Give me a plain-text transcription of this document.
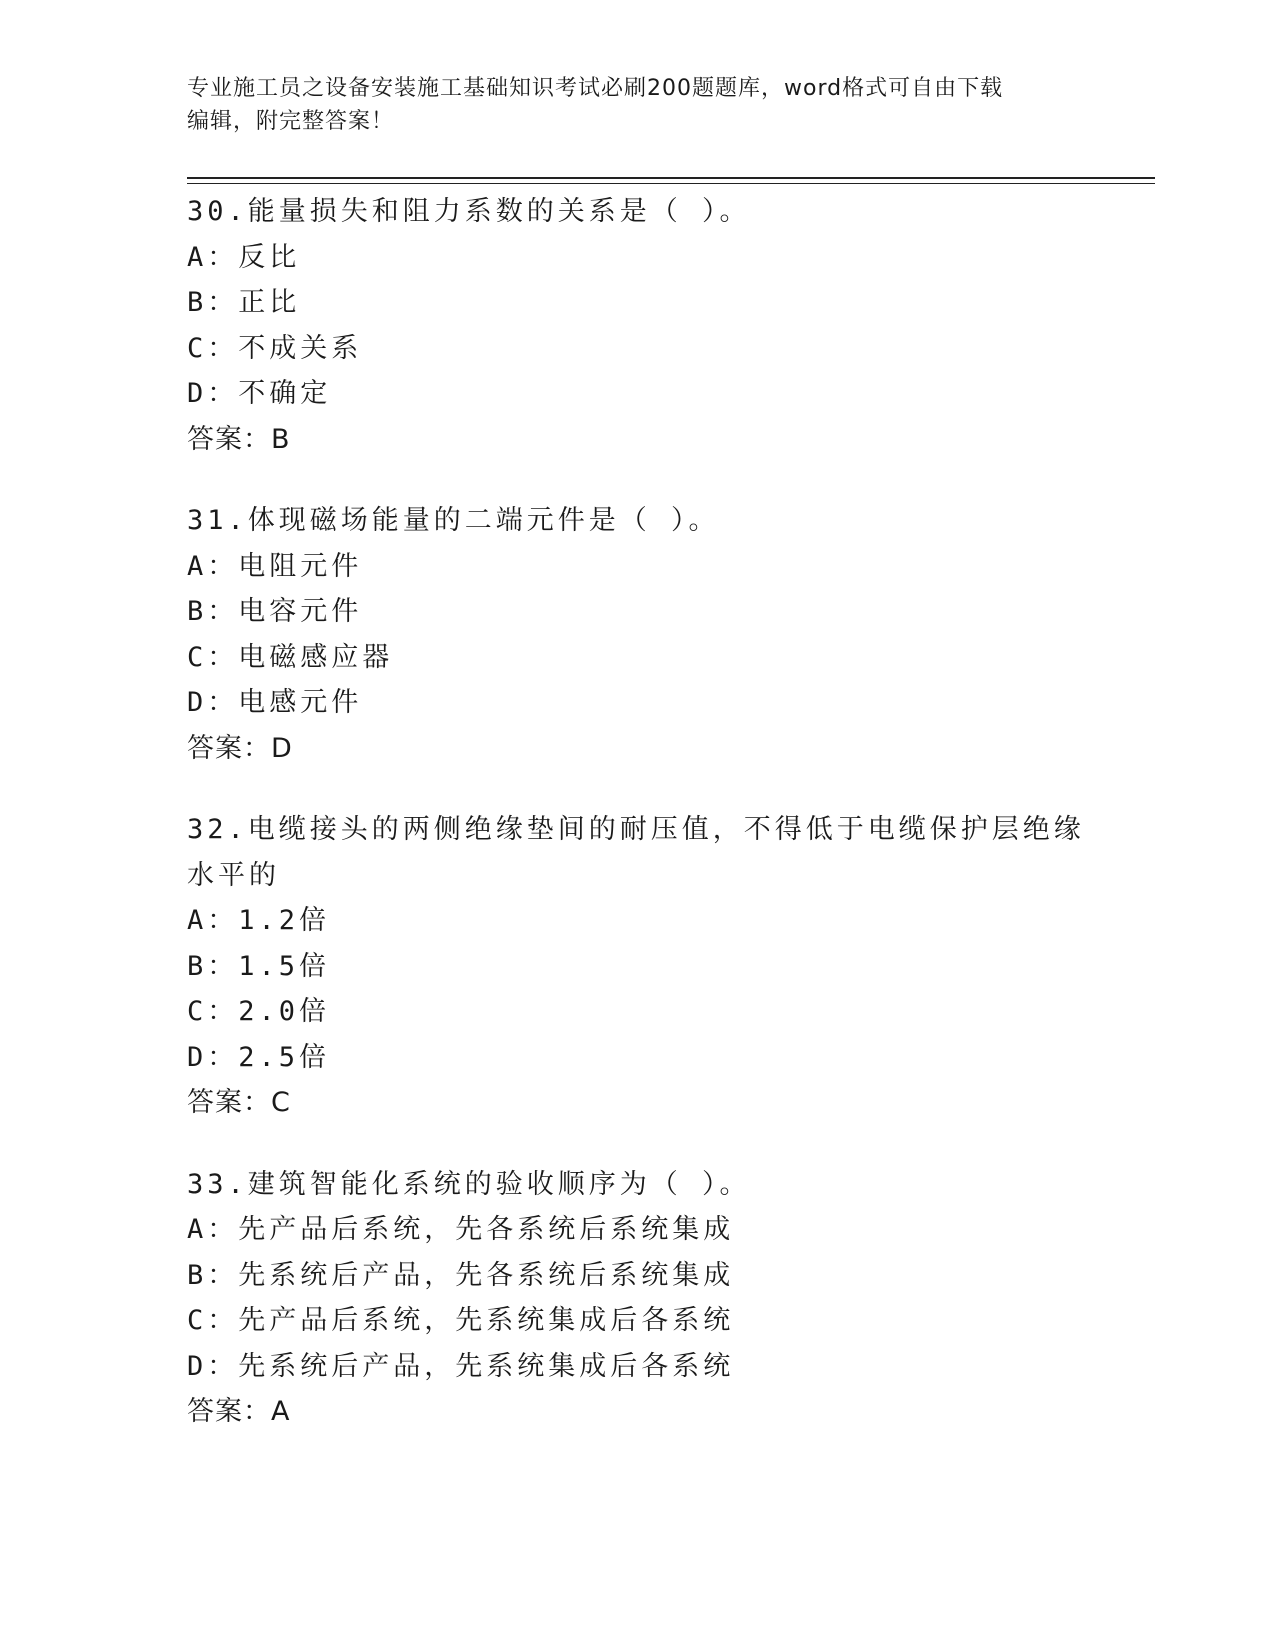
专业施工员之设备安装施工基础知识考试必刷200题题库，word格式可自由下载
编辑，附完整答案！
30.能量损失和阻力系数的关系是（ ）。
A：反比
B：正比
C：不成关系
D：不确定
答案：B
31.体现磁场能量的二端元件是（ ）。
A：电阻元件
B：电容元件
C：电磁感应器
D：电感元件
答案：D
32.电缆接头的两侧绝缘垫间的耐压值，不得低于电缆保护层绝缘水平的
A：1.2倍
B：1.5倍
C：2.0倍
D：2.5倍
答案：C
33.建筑智能化系统的验收顺序为（ ）。
A：先产品后系统，先各系统后系统集成
B：先系统后产品，先各系统后系统集成
C：先产品后系统，先系统集成后各系统
D：先系统后产品，先系统集成后各系统
答案：A
